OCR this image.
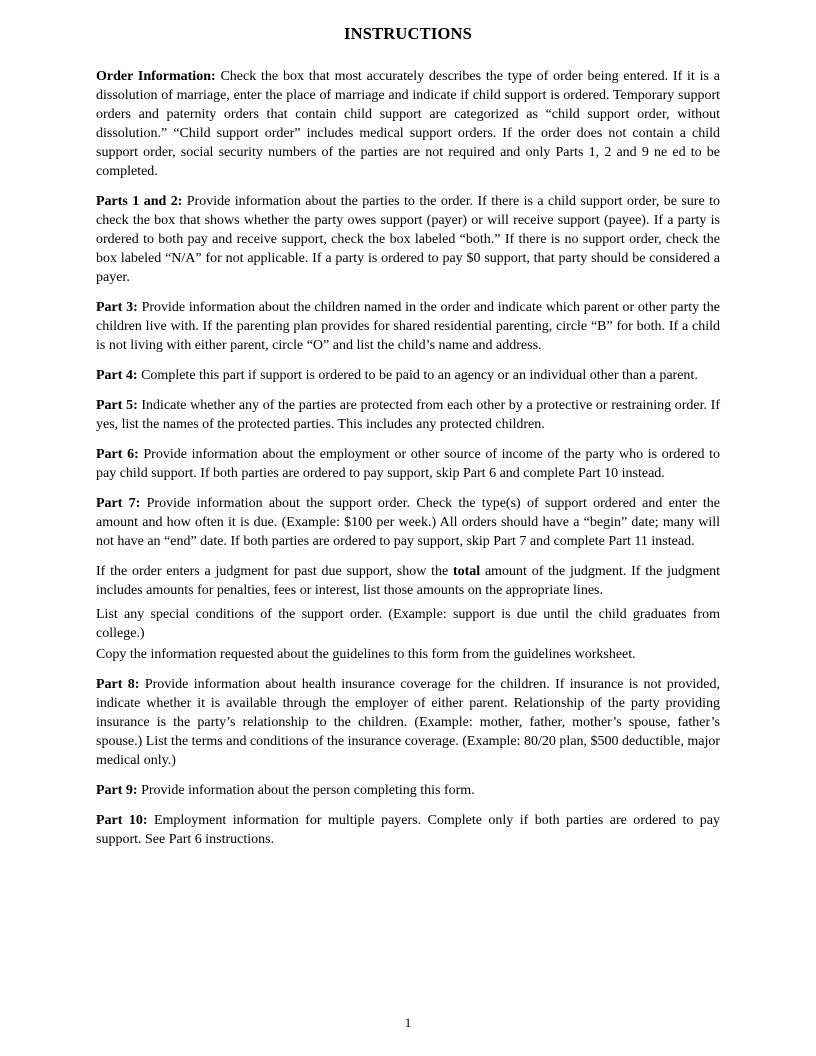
INSTRUCTIONS

Order Information: Check the box that most accurately describes the type of order being entered. If it is a dissolution of marriage, enter the place of marriage and indicate if child support is ordered. Temporary support orders and paternity orders that contain child support are categorized as “child support order, without dissolution.” “Child support order” includes medical support orders. If the order does not contain a child support order, social security numbers of the parties are not required and only Parts 1, 2 and 9 ne ed to be completed.

Parts 1 and 2: Provide information about the parties to the order. If there is a child support order, be sure to check the box that shows whether the party owes support (payer) or will receive support (payee). If a party is ordered to both pay and receive support, check the box labeled “both.” If there is no support order, check the box labeled “N/A” for not applicable. If a party is ordered to pay $0 support, that party should be considered a payer.

Part 3: Provide information about the children named in the order and indicate which parent or other party the children live with. If the parenting plan provides for shared residential parenting, circle “B” for both. If a child is not living with either parent, circle “O” and list the child’s name and address.

Part 4: Complete this part if support is ordered to be paid to an agency or an individual other than a parent.

Part 5: Indicate whether any of the parties are protected from each other by a protective or restraining order. If yes, list the names of the protected parties. This includes any protected children.

Part 6: Provide information about the employment or other source of income of the party who is ordered to pay child support. If both parties are ordered to pay support, skip Part 6 and complete Part 10 instead.

Part 7: Provide information about the support order. Check the type(s) of support ordered and enter the amount and how often it is due. (Example: $100 per week.) All orders should have a “begin” date; many will not have an “end” date. If both parties are ordered to pay support, skip Part 7 and complete Part 11 instead.

If the order enters a judgment for past due support, show the total amount of the judgment. If the judgment includes amounts for penalties, fees or interest, list those amounts on the appropriate lines.

List any special conditions of the support order. (Example: support is due until the child graduates from college.)

Copy the information requested about the guidelines to this form from the guidelines worksheet.

Part 8: Provide information about health insurance coverage for the children. If insurance is not provided, indicate whether it is available through the employer of either parent. Relationship of the party providing insurance is the party’s relationship to the children. (Example: mother, father, mother’s spouse, father’s spouse.) List the terms and conditions of the insurance coverage. (Example: 80/20 plan, $500 deductible, major medical only.)

Part 9: Provide information about the person completing this form.

Part 10: Employment information for multiple payers. Complete only if both parties are ordered to pay support. See Part 6 instructions.

1
